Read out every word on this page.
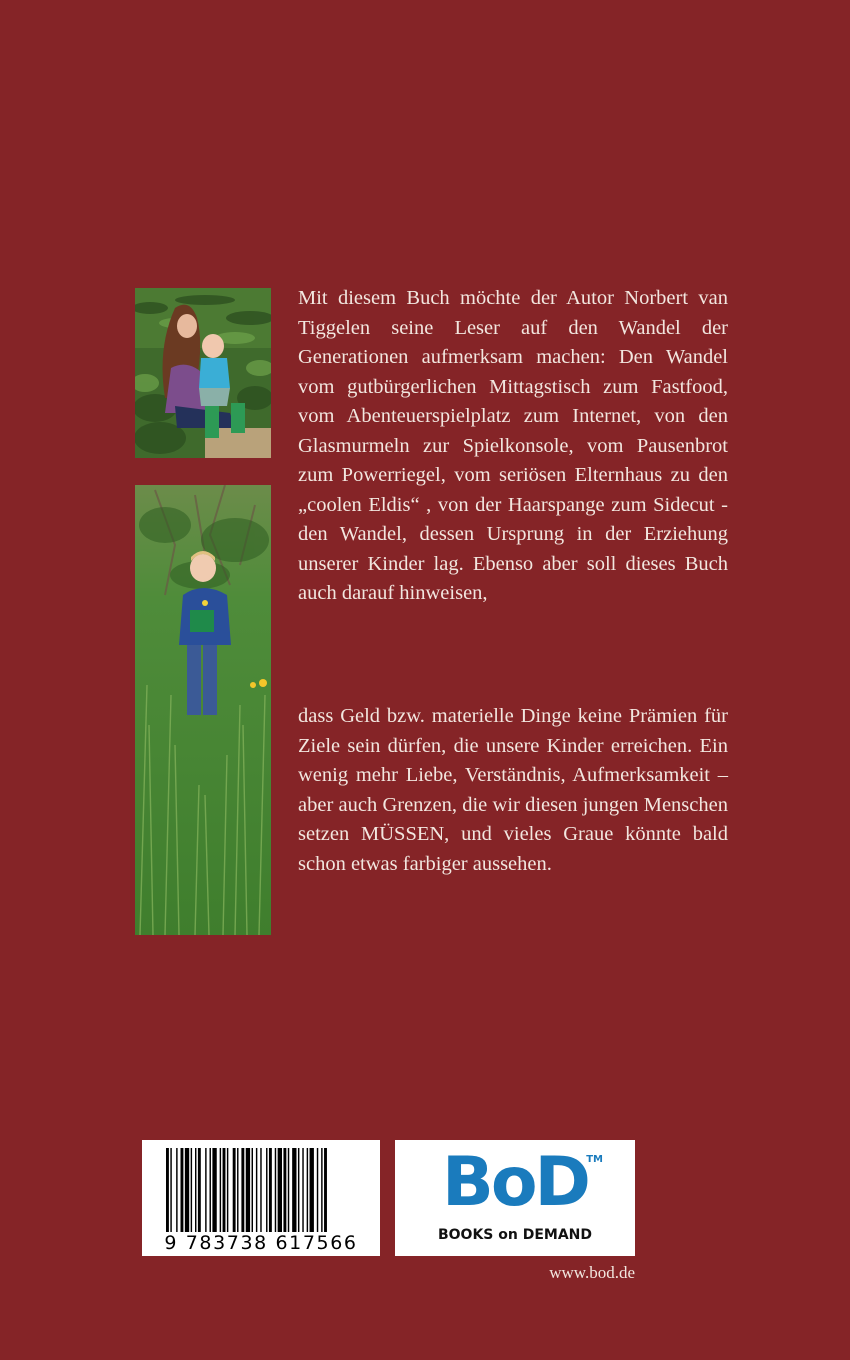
Mit diesem Buch möchte der Autor Norbert van Tiggelen seine Leser auf den Wandel der Generationen aufmerksam machen: Den Wandel vom gutbürgerlichen Mittagstisch zum Fastfood, vom Abenteuerspielplatz zum Internet, von den Glasmurmeln zur Spielkonsole, vom Pausenbrot zum Powerriegel, vom seriösen Elternhaus zu den „coolen Eldis“ , von der Haarspange zum Sidecut - den Wandel, dessen Ursprung in der Erziehung unserer Kinder lag. Ebenso aber soll dieses Buch auch darauf hinweisen,

dass Geld bzw. materielle Dinge keine Prämien für Ziele sein dürfen, die unsere Kinder erreichen. Ein wenig mehr Liebe, Verständnis, Aufmerksamkeit – aber auch Grenzen, die wir diesen jungen Menschen setzen MÜSSEN, und vieles Graue könnte bald schon etwas farbiger aussehen.

9 783738 617566
BoD
TM
BOOKS on DEMAND
www.bod.de
